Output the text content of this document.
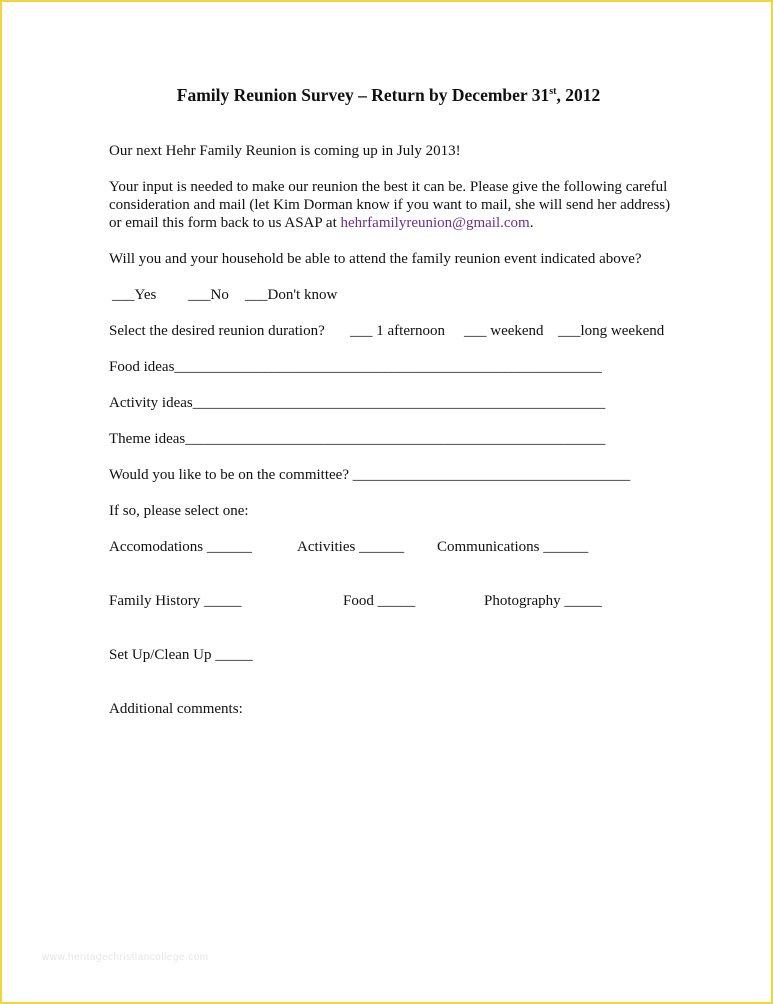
Family Reunion Survey – Return by December 31st, 2012
Our next Hehr Family Reunion is coming up in July 2013!
Your input is needed to make our reunion the best it can be. Please give the following careful consideration and mail (let Kim Dorman know if you want to mail, she will send her address) or email this form back to us ASAP at hehrfamilyreunion@gmail.com.
Will you and your household be able to attend the family reunion event indicated above?
___Yes ___No ___Don't know
Select the desired reunion duration? ___ 1 afternoon ___ weekend ___long weekend
Food ideas_________________________________________________________
Activity ideas_______________________________________________________
Theme ideas________________________________________________________
Would you like to be on the committee? _____________________________________
If so, please select one:
Accomodations ______	Activities ______ Communications ______
Family History _____	Food _____	Photography _____
Set Up/Clean Up _____
Additional comments:
www.heritagechristiancollege.com
